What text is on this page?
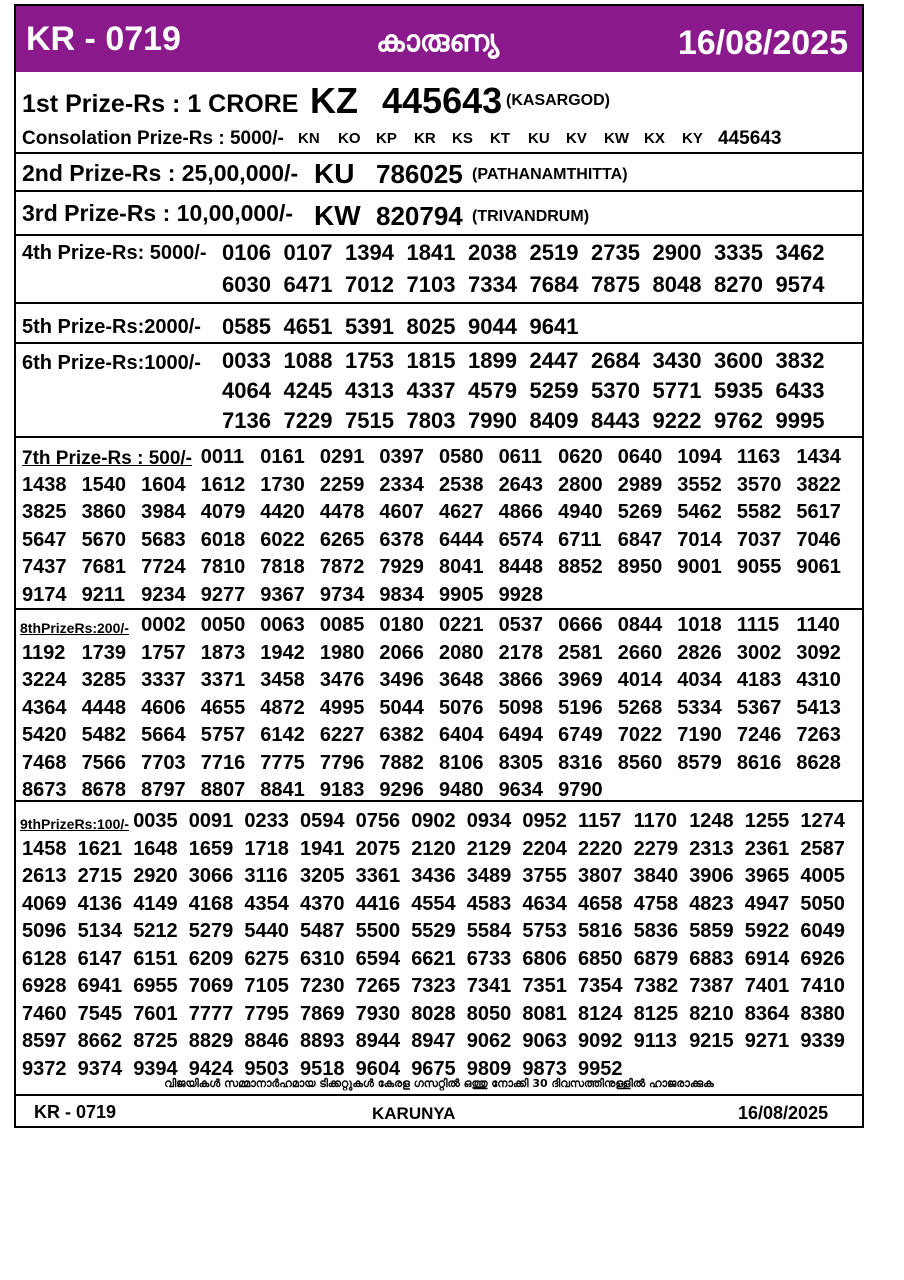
KR - 0719	കാരുണ്യ	16/08/2025
1st Prize-Rs : 1 CRORE KZ 445643 (KASARGOD)
Consolation Prize-Rs : 5000/- KN KO KP KR KS KT KU KV KW KX KY 445643
2nd Prize-Rs : 25,00,000/- KU 786025 (PATHANAMTHITTA)
3rd Prize-Rs : 10,00,000/- KW 820794 (TRIVANDRUM)
4th Prize-Rs: 5000/- 0106 0107 1394 1841 2038 2519 2735 2900 3335 3462
6030 6471 7012 7103 7334 7684 7875 8048 8270 9574
5th Prize-Rs:2000/- 0585 4651 5391 8025 9044 9641
6th Prize-Rs:1000/- 0033 1088 1753 1815 1899 2447 2684 3430 3600 3832
4064 4245 4313 4337 4579 5259 5370 5771 5935 6433
7136 7229 7515 7803 7990 8409 8443 9222 9762 9995
7th Prize-Rs : 500/- 0011 0161 0291 0397 0580 0611 0620 0640 1094 1163 1434
1438 1540 1604 1612 1730 2259 2334 2538 2643 2800 2989 3552 3570 3822
3825 3860 3984 4079 4420 4478 4607 4627 4866 4940 5269 5462 5582 5617
5647 5670 5683 6018 6022 6265 6378 6444 6574 6711 6847 7014 7037 7046
7437 7681 7724 7810 7818 7872 7929 8041 8448 8852 8950 9001 9055 9061
9174 9211 9234 9277 9367 9734 9834 9905 9928
8thPrizeRs:200/- 0002 0050 0063 0085 0180 0221 0537 0666 0844 1018 1115 1140
1192 1739 1757 1873 1942 1980 2066 2080 2178 2581 2660 2826 3002 3092
3224 3285 3337 3371 3458 3476 3496 3648 3866 3969 4014 4034 4183 4310
4364 4448 4606 4655 4872 4995 5044 5076 5098 5196 5268 5334 5367 5413
5420 5482 5664 5757 6142 6227 6382 6404 6494 6749 7022 7190 7246 7263
7468 7566 7703 7716 7775 7796 7882 8106 8305 8316 8560 8579 8616 8628
8673 8678 8797 8807 8841 9183 9296 9480 9634 9790
9thPrizeRs:100/- 0035 0091 0233 0594 0756 0902 0934 0952 1157 1170 1248 1255 1274
1458 1621 1648 1659 1718 1941 2075 2120 2129 2204 2220 2279 2313 2361 2587
2613 2715 2920 3066 3116 3205 3361 3436 3489 3755 3807 3840 3906 3965 4005
4069 4136 4149 4168 4354 4370 4416 4554 4583 4634 4658 4758 4823 4947 5050
5096 5134 5212 5279 5440 5487 5500 5529 5584 5753 5816 5836 5859 5922 6049
6128 6147 6151 6209 6275 6310 6594 6621 6733 6806 6850 6879 6883 6914 6926
6928 6941 6955 7069 7105 7230 7265 7323 7341 7351 7354 7382 7387 7401 7410
7460 7545 7601 7777 7795 7869 7930 8028 8050 8081 8124 8125 8210 8364 8380
8597 8662 8725 8829 8846 8893 8944 8947 9062 9063 9092 9113 9215 9271 9339
9372 9374 9394 9424 9503 9518 9604 9675 9809 9873 9952
വിജയികൾ സമ്മാനാർഹമായ ടിക്കറ്റുകൾ കേരള ഗസറ്റിൽ ഒത്തു നോക്കി 30 ദിവസത്തിനുള്ളിൽ ഹാജരാക്കുക
KR - 0719	KARUNYA	16/08/2025
